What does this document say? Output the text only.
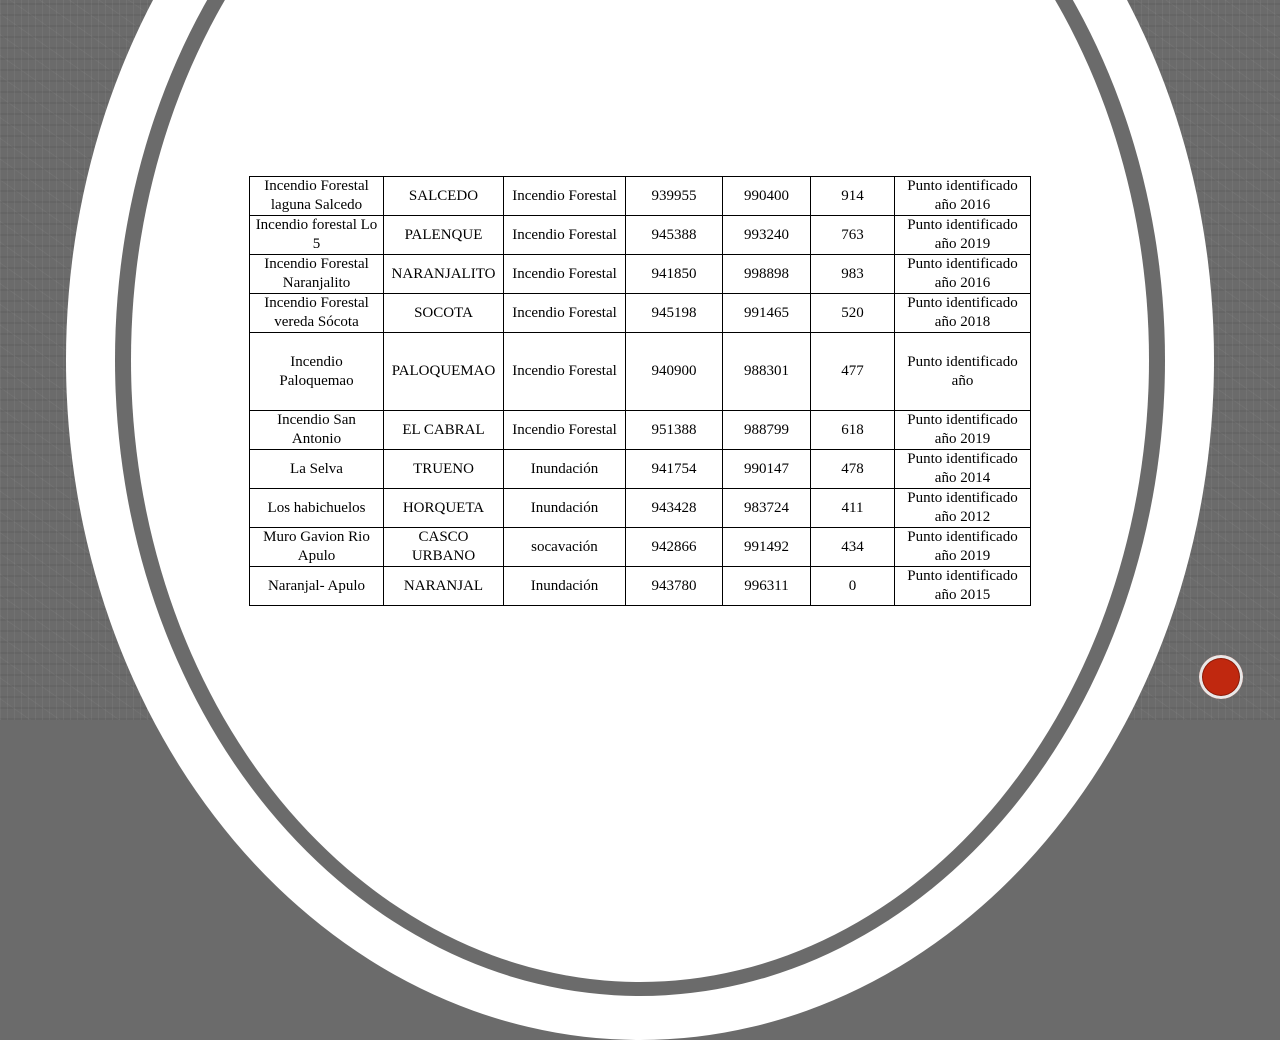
Incendio Forestal laguna Salcedo	SALCEDO	Incendio Forestal	939955	990400	914	Punto identificado año 2016
Incendio forestal Lo 5	PALENQUE	Incendio Forestal	945388	993240	763	Punto identificado año 2019
Incendio Forestal Naranjalito	NARANJALITO	Incendio Forestal	941850	998898	983	Punto identificado año 2016
Incendio Forestal vereda Sócota	SOCOTA	Incendio Forestal	945198	991465	520	Punto identificado año 2018
Incendio Paloquemao	PALOQUEMAO	Incendio Forestal	940900	988301	477	Punto identificado año
Incendio San Antonio	EL CABRAL	Incendio Forestal	951388	988799	618	Punto identificado año 2019
La Selva	TRUENO	Inundación	941754	990147	478	Punto identificado año 2014
Los habichuelos	HORQUETA	Inundación	943428	983724	411	Punto identificado año 2012
Muro Gavion Rio Apulo	CASCO URBANO	socavación	942866	991492	434	Punto identificado año 2019
Naranjal- Apulo	NARANJAL	Inundación	943780	996311	0	Punto identificado año 2015
